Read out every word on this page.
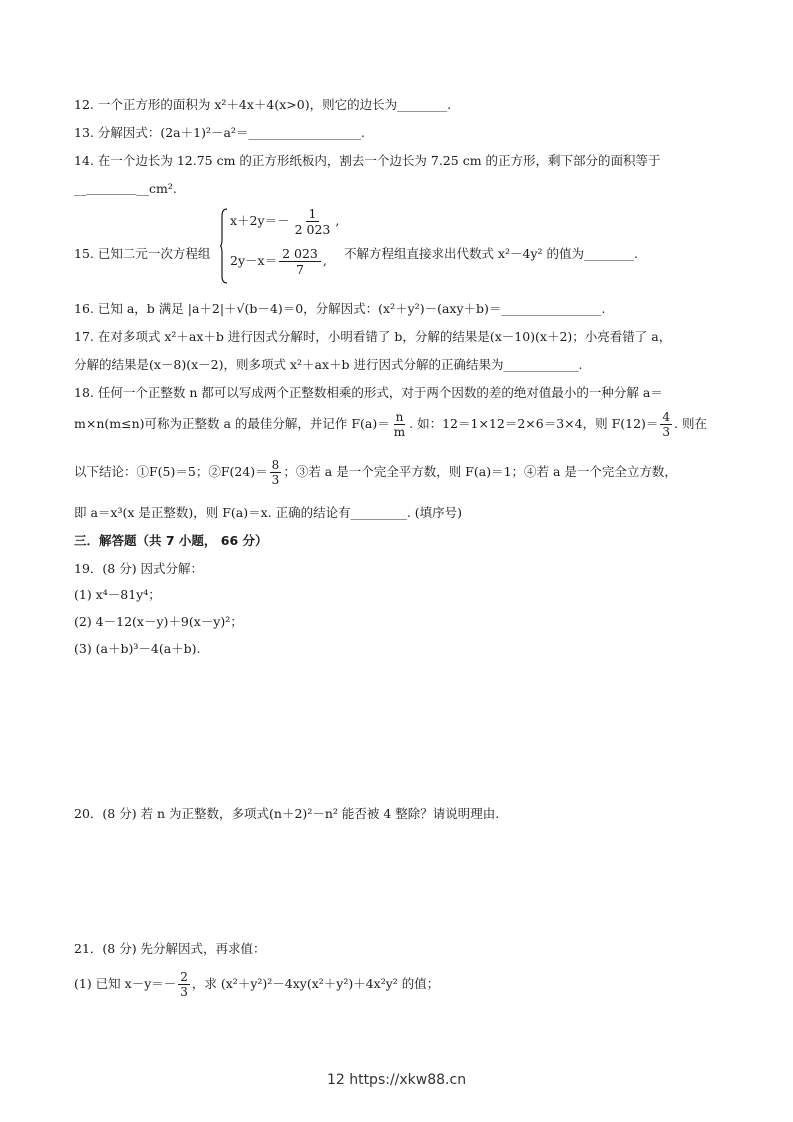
12. 一个正方形的面积为 x²＋4x＋4(x>0)，则它的边长为________.
13. 分解因式：(2a＋1)²－a²＝__________________.
14. 在一个边长为 12.75 cm 的正方形纸板内，割去一个边长为 7.25 cm 的正方形，剩下部分的面积等于
__＿＿＿＿__cm².
15. 已知二元一次方程组
$x+2y=- \frac{1}{2 023}$ ,
$2y-x= \frac{2 023}{7}$ ,	不解方程组直接求出代数式 x²－4y² 的值为________.
16. 已知 a，b 满足 |a＋2|＋√(b－4)＝0，分解因式：(x²＋y²)－(axy＋b)＝________________.
17. 在对多项式 x²＋ax＋b 进行因式分解时，小明看错了 b，分解的结果是(x－10)(x＋2)；小亮看错了 a，
分解的结果是(x－8)(x－2)，则多项式 x²＋ax＋b 进行因式分解的正确结果为____________.
18. 任何一个正整数 n 都可以写成两个正整数相乘的形式，对于两个因数的差的绝对值最小的一种分解 a＝
m×n(m≤n)可称为正整数 a 的最佳分解，并记作 $F(a)= \frac{n}{m}$ . 如：12＝1×12＝2×6＝3×4，则 $F(12)= \frac{4}{3}$ . 则在
以下结论：①F(5)＝5；②F(24)＝ $\frac{8}{3}$ ；③若 a 是一个完全平方数，则 F(a)＝1；④若 a 是一个完全立方数，
即 a＝x³(x 是正整数)，则 F(a)＝x. 正确的结论有_________. (填序号)
三．解答题（共 7 小题， 66 分）
19．(8 分) 因式分解：
(1) x⁴－81y⁴；
(2) 4－12(x－y)＋9(x－y)²；
(3) (a＋b)³－4(a＋b).
20．(8 分) 若 n 为正整数，多项式(n＋2)²－n² 能否被 4 整除？请说明理由.
21．(8 分) 先分解因式，再求值：
(1) 已知 $x-y=- \frac{2}{3}$ ，求 (x²＋y²)²－4xy(x²＋y²)＋4x²y² 的值；
12 https://xkw88.cn
